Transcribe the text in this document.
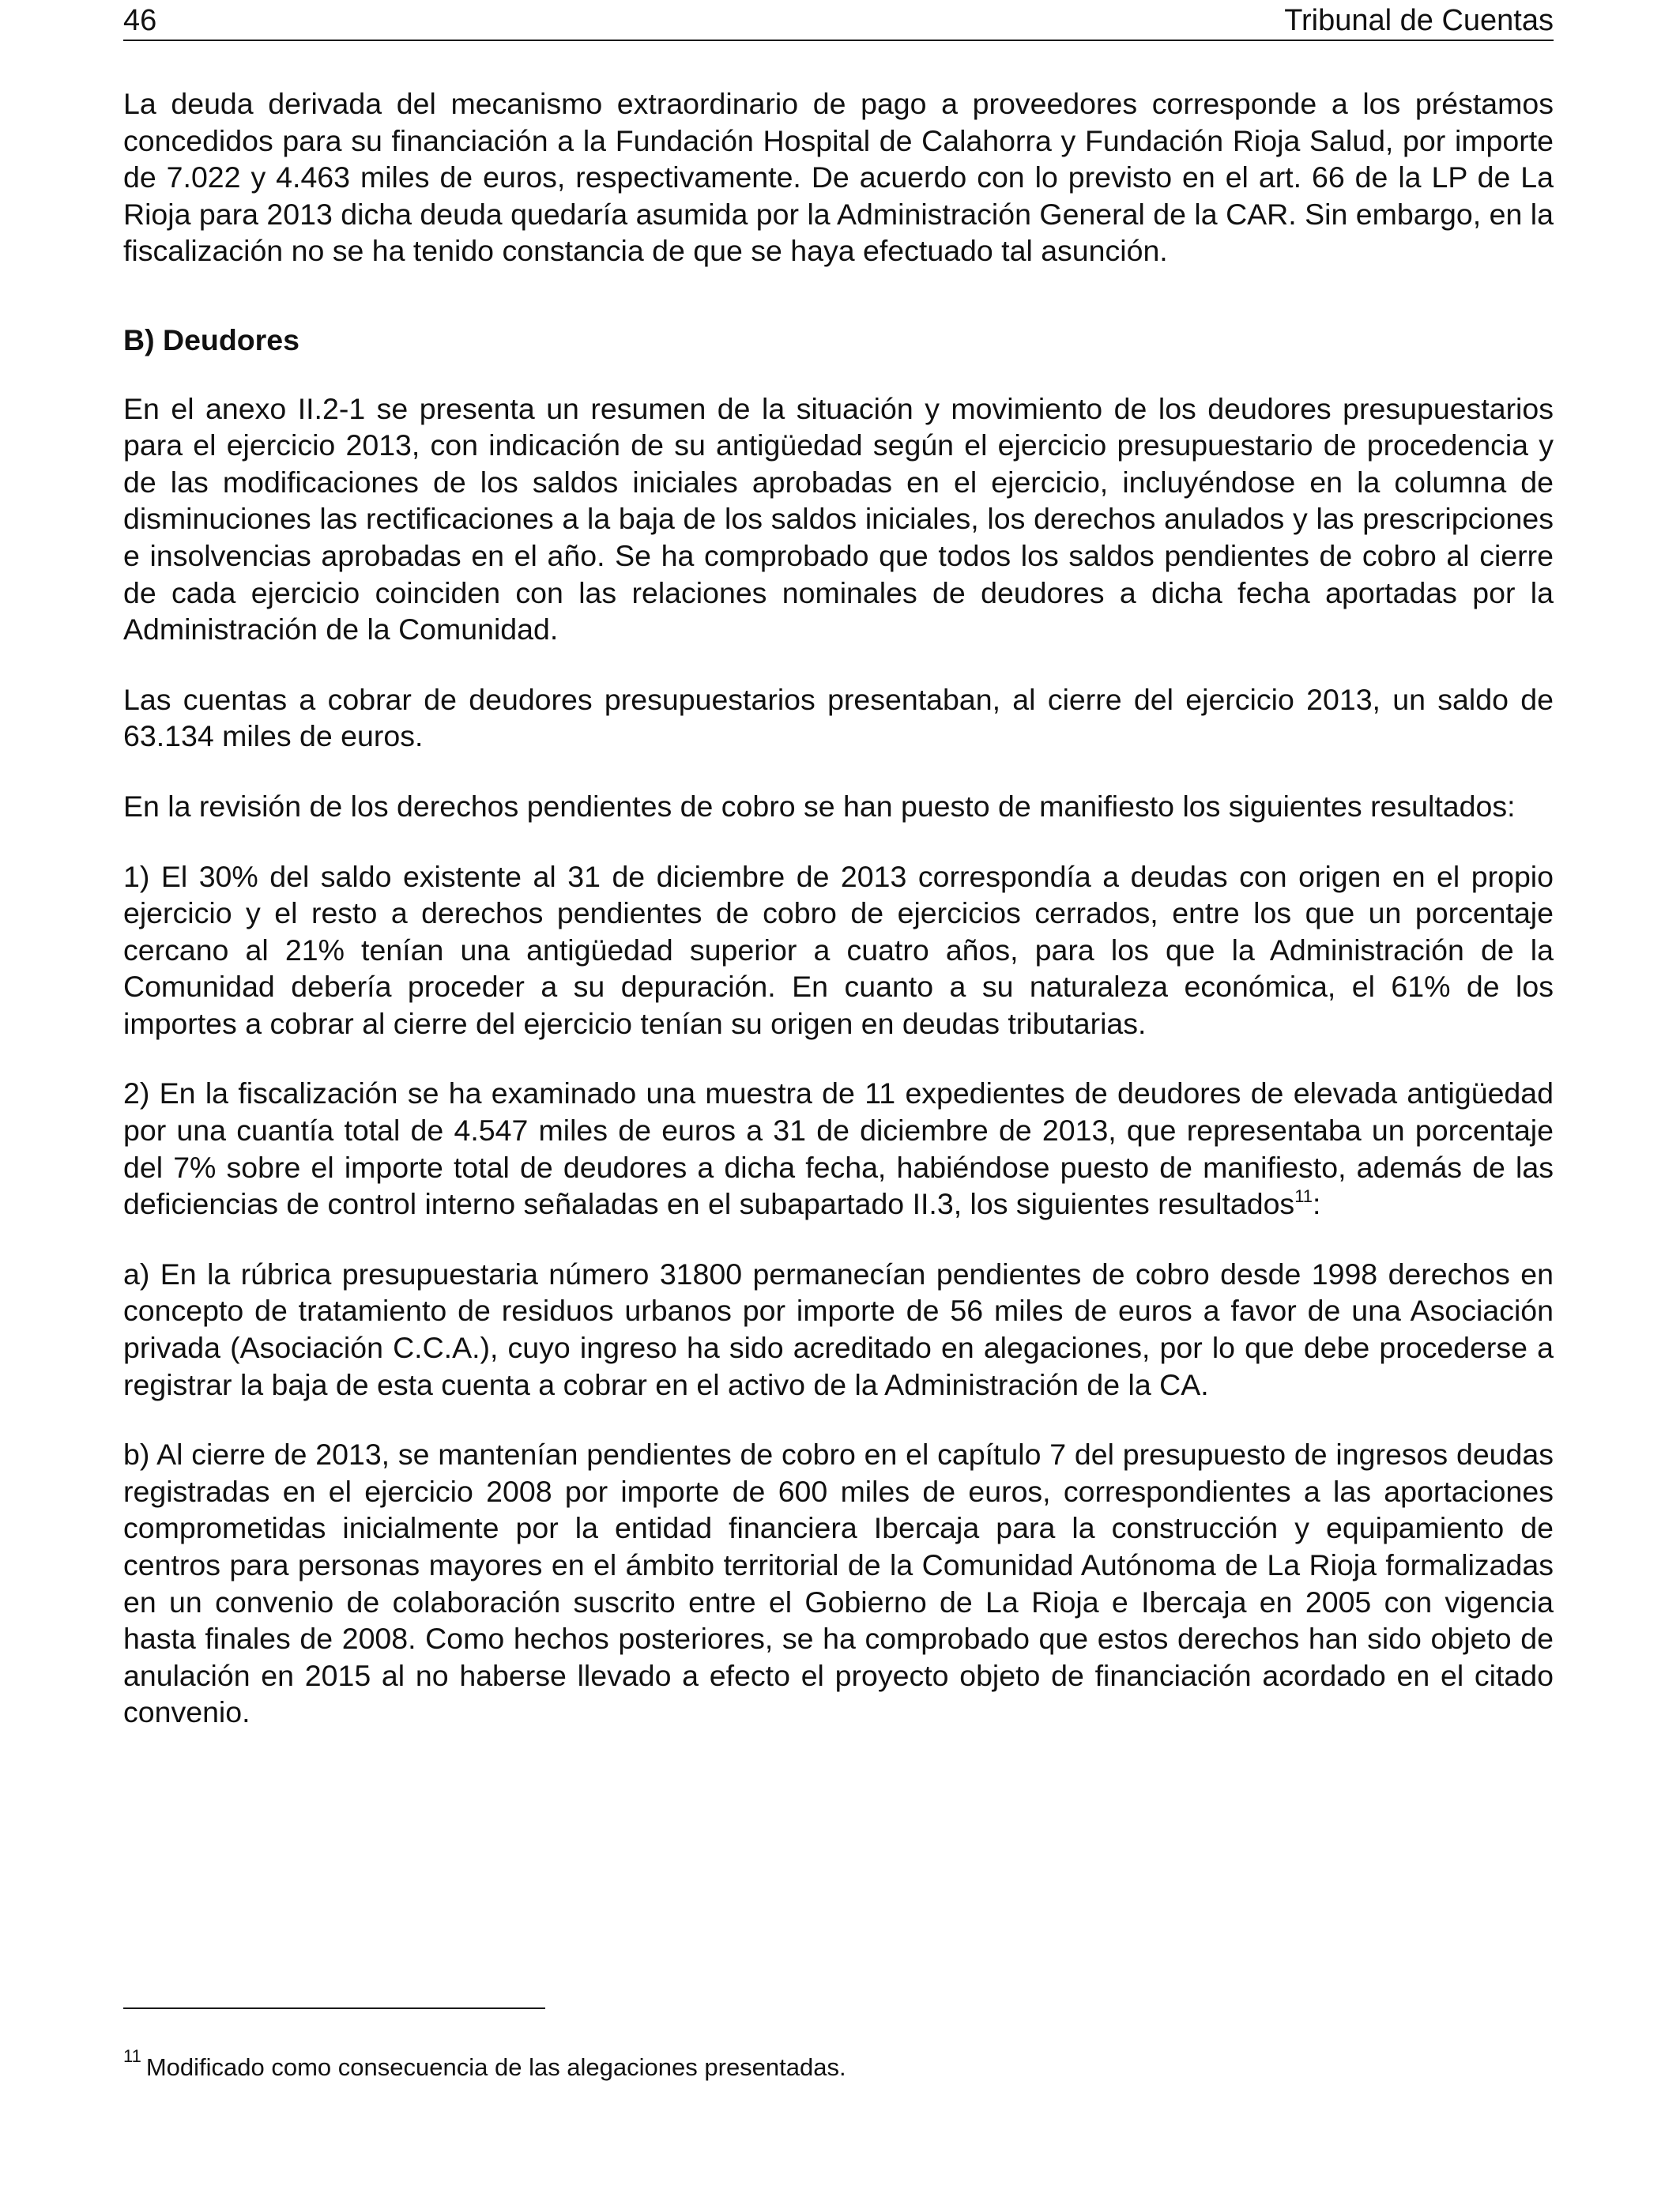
46	Tribunal de Cuentas

La deuda derivada del mecanismo extraordinario de pago a proveedores corresponde a los préstamos concedidos para su financiación a la Fundación Hospital de Calahorra y Fundación Rioja Salud, por importe de 7.022 y 4.463 miles de euros, respectivamente. De acuerdo con lo previsto en el art. 66 de la LP de La Rioja para 2013 dicha deuda quedaría asumida por la Administración General de la CAR. Sin embargo, en la fiscalización no se ha tenido constancia de que se haya efectuado tal asunción.

B) Deudores

En el anexo II.2-1 se presenta un resumen de la situación y movimiento de los deudores presupuestarios para el ejercicio 2013, con indicación de su antigüedad según el ejercicio presupuestario de procedencia y de las modificaciones de los saldos iniciales aprobadas en el ejercicio, incluyéndose en la columna de disminuciones las rectificaciones a la baja de los saldos iniciales, los derechos anulados y las prescripciones e insolvencias aprobadas en el año. Se ha comprobado que todos los saldos pendientes de cobro al cierre de cada ejercicio coinciden con las relaciones nominales de deudores a dicha fecha aportadas por la Administración de la Comunidad.

Las cuentas a cobrar de deudores presupuestarios presentaban, al cierre del ejercicio 2013, un saldo de 63.134 miles de euros.

En la revisión de los derechos pendientes de cobro se han puesto de manifiesto los siguientes resultados:

1) El 30% del saldo existente al 31 de diciembre de 2013 correspondía a deudas con origen en el propio ejercicio y el resto a derechos pendientes de cobro de ejercicios cerrados, entre los que un porcentaje cercano al 21% tenían una antigüedad superior a cuatro años, para los que la Administración de la Comunidad debería proceder a su depuración. En cuanto a su naturaleza económica, el 61% de los importes a cobrar al cierre del ejercicio tenían su origen en deudas tributarias.

2) En la fiscalización se ha examinado una muestra de 11 expedientes de deudores de elevada antigüedad por una cuantía total de 4.547 miles de euros a 31 de diciembre de 2013, que representaba un porcentaje del 7% sobre el importe total de deudores a dicha fecha, habiéndose puesto de manifiesto, además de las deficiencias de control interno señaladas en el subapartado II.3, los siguientes resultados$^{11}$:

a) En la rúbrica presupuestaria número 31800 permanecían pendientes de cobro desde 1998 derechos en concepto de tratamiento de residuos urbanos por importe de 56 miles de euros a favor de una Asociación privada (Asociación C.C.A.), cuyo ingreso ha sido acreditado en alegaciones, por lo que debe procederse a registrar la baja de esta cuenta a cobrar en el activo de la Administración de la CA.

b) Al cierre de 2013, se mantenían pendientes de cobro en el capítulo 7 del presupuesto de ingresos deudas registradas en el ejercicio 2008 por importe de 600 miles de euros, correspondientes a las aportaciones comprometidas inicialmente por la entidad financiera Ibercaja para la construcción y equipamiento de centros para personas mayores en el ámbito territorial de la Comunidad Autónoma de La Rioja formalizadas en un convenio de colaboración suscrito entre el Gobierno de La Rioja e Ibercaja en 2005 con vigencia hasta finales de 2008. Como hechos posteriores, se ha comprobado que estos derechos han sido objeto de anulación en 2015 al no haberse llevado a efecto el proyecto objeto de financiación acordado en el citado convenio.

$^{11}$ Modificado como consecuencia de las alegaciones presentadas.
